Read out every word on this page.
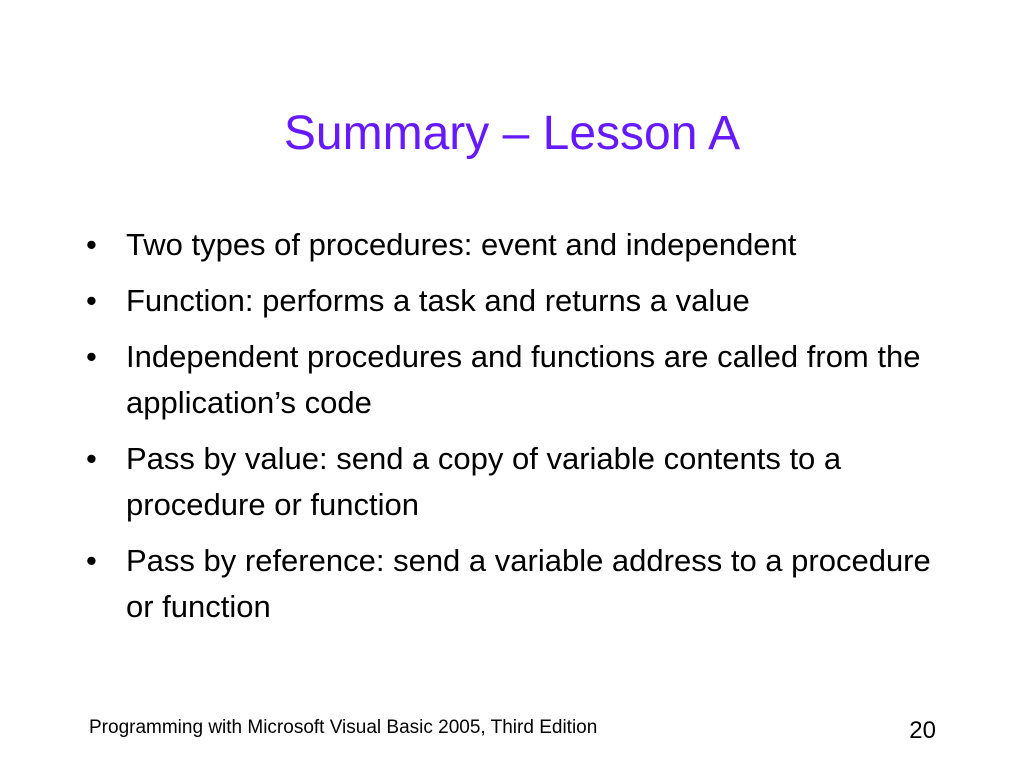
Summary – Lesson A
• Two types of procedures: event and independent
• Function: performs a task and returns a value
• Independent procedures and functions are called from the application’s code
• Pass by value: send a copy of variable contents to a procedure or function
• Pass by reference: send a variable address to a procedure or function
Programming with Microsoft Visual Basic 2005, Third Edition	20
